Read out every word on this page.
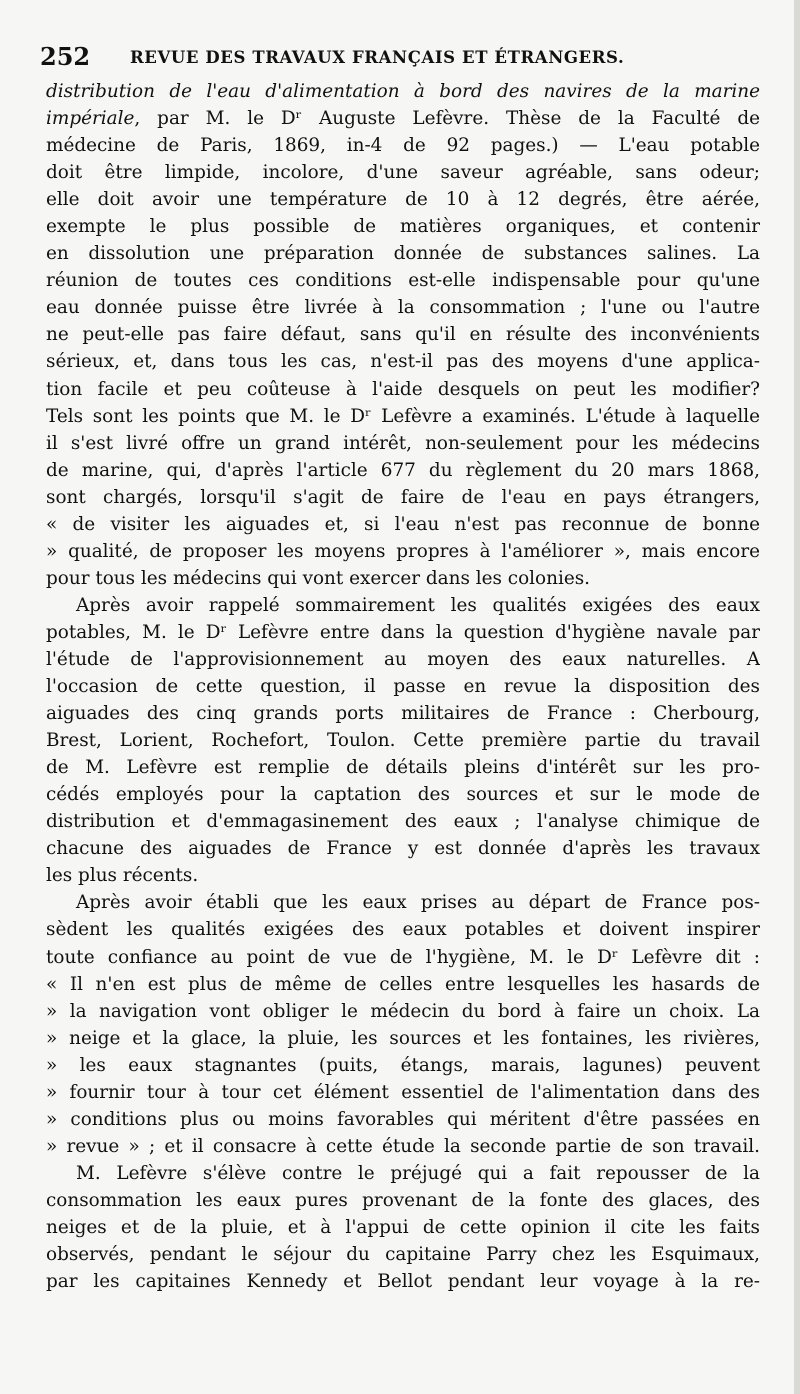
252 REVUE DES TRAVAUX FRANÇAIS ET ÉTRANGERS.
distribution de l'eau d'alimentation à bord des navires de la marine
impériale, par M. le Dʳ Auguste Lefèvre. Thèse de la Faculté de
médecine de Paris, 1869, in-4 de 92 pages.) — L'eau potable
doit être limpide, incolore, d'une saveur agréable, sans odeur;
elle doit avoir une température de 10 à 12 degrés, être aérée,
exempte le plus possible de matières organiques, et contenir
en dissolution une préparation donnée de substances salines. La
réunion de toutes ces conditions est-elle indispensable pour qu'une
eau donnée puisse être livrée à la consommation ; l'une ou l'autre
ne peut-elle pas faire défaut, sans qu'il en résulte des inconvénients
sérieux, et, dans tous les cas, n'est-il pas des moyens d'une applica-
tion facile et peu coûteuse à l'aide desquels on peut les modifier?
Tels sont les points que M. le Dʳ Lefèvre a examinés. L'étude à laquelle
il s'est livré offre un grand intérêt, non-seulement pour les médecins
de marine, qui, d'après l'article 677 du règlement du 20 mars 1868,
sont chargés, lorsqu'il s'agit de faire de l'eau en pays étrangers,
« de visiter les aiguades et, si l'eau n'est pas reconnue de bonne
» qualité, de proposer les moyens propres à l'améliorer », mais encore
pour tous les médecins qui vont exercer dans les colonies.
Après avoir rappelé sommairement les qualités exigées des eaux
potables, M. le Dʳ Lefèvre entre dans la question d'hygiène navale par
l'étude de l'approvisionnement au moyen des eaux naturelles. A
l'occasion de cette question, il passe en revue la disposition des
aiguades des cinq grands ports militaires de France : Cherbourg,
Brest, Lorient, Rochefort, Toulon. Cette première partie du travail
de M. Lefèvre est remplie de détails pleins d'intérêt sur les pro-
cédés employés pour la captation des sources et sur le mode de
distribution et d'emmagasinement des eaux ; l'analyse chimique de
chacune des aiguades de France y est donnée d'après les travaux
les plus récents.
Après avoir établi que les eaux prises au départ de France pos-
sèdent les qualités exigées des eaux potables et doivent inspirer
toute confiance au point de vue de l'hygiène, M. le Dʳ Lefèvre dit :
« Il n'en est plus de même de celles entre lesquelles les hasards de
» la navigation vont obliger le médecin du bord à faire un choix. La
» neige et la glace, la pluie, les sources et les fontaines, les rivières,
» les eaux stagnantes (puits, étangs, marais, lagunes) peuvent
» fournir tour à tour cet élément essentiel de l'alimentation dans des
» conditions plus ou moins favorables qui méritent d'être passées en
» revue » ; et il consacre à cette étude la seconde partie de son travail.
M. Lefèvre s'élève contre le préjugé qui a fait repousser de la
consommation les eaux pures provenant de la fonte des glaces, des
neiges et de la pluie, et à l'appui de cette opinion il cite les faits
observés, pendant le séjour du capitaine Parry chez les Esquimaux,
par les capitaines Kennedy et Bellot pendant leur voyage à la re-
